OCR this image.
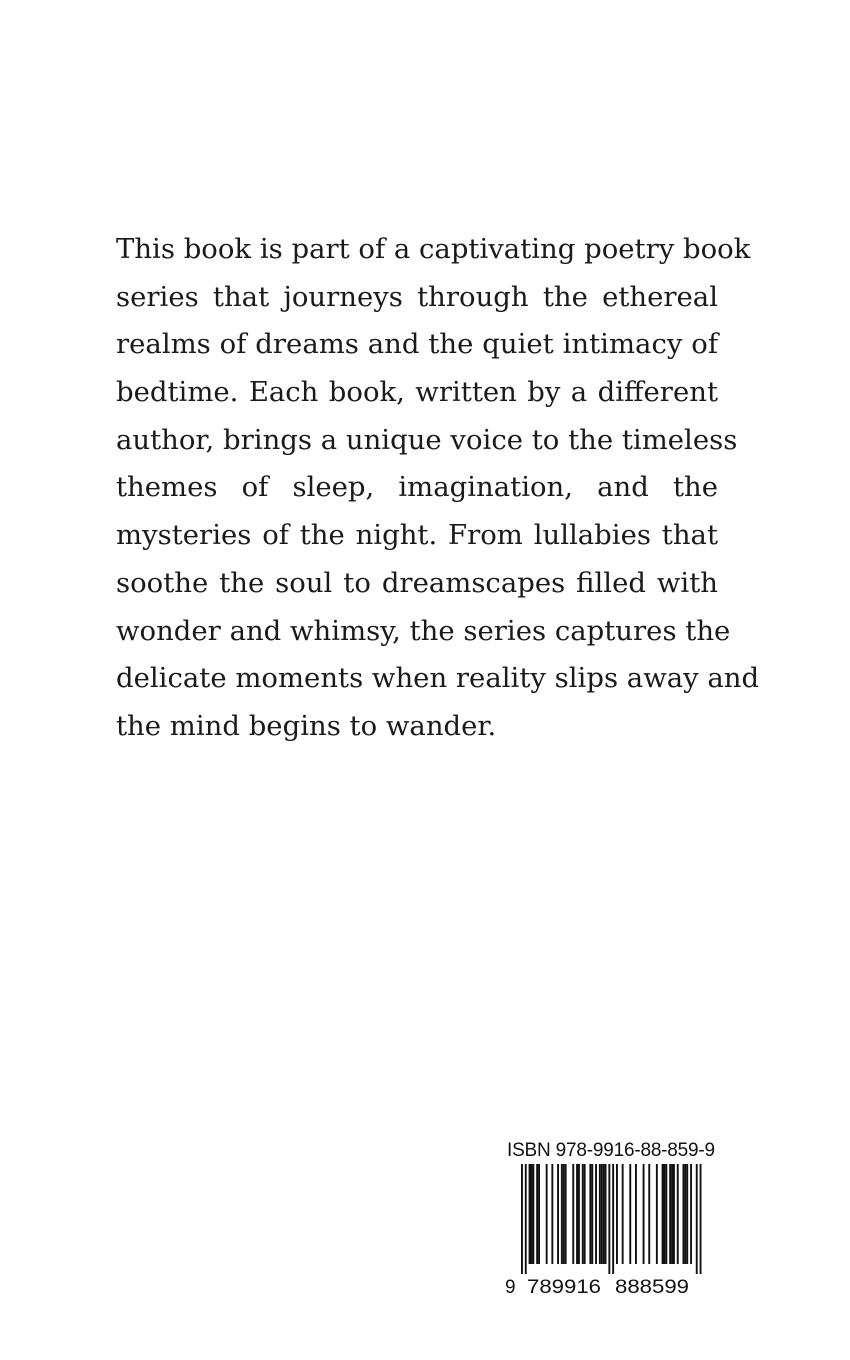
This book is part of a captivating poetry book
series that journeys through the ethereal
realms of dreams and the quiet intimacy of
bedtime. Each book, written by a different
author, brings a unique voice to the timeless
themes of sleep, imagination, and the
mysteries of the night. From lullabies that
soothe the soul to dreamscapes filled with
wonder and whimsy, the series captures the
delicate moments when reality slips away and
the mind begins to wander.
ISBN 978-9916-88-859-9
9 789916 888599
